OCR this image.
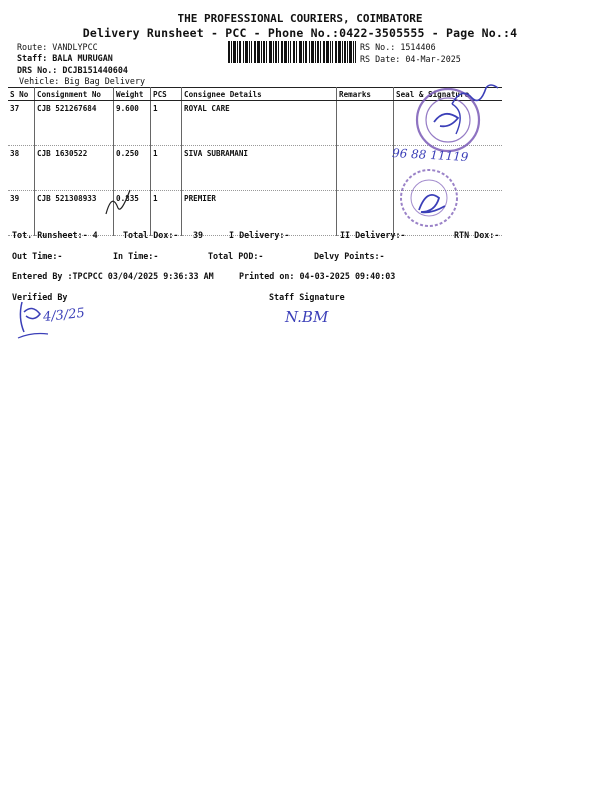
THE PROFESSIONAL COURIERS, COIMBATORE
Delivery Runsheet - PCC - Phone No.:0422-3505555 - Page No.:4
Route: VANDLYPCC
Staff: BALA MURUGAN
DRS No.: DCJB151440604
Vehicle: Big Bag Delivery
RS No.: 1514406
RS Date: 04-Mar-2025
S No	Consignment No	Weight	PCS	Consignee Details	Remarks	Seal & Signature
37	CJB 521267684	9.600	1	ROYAL CARE		
38	CJB 1630522	0.250	1	SIVA SUBRAMANI		
39	CJB 521308933	0.835	1	PREMIER		
96 88 11119
Tot. Runsheet:- 4	Total Dox:- 39	I Delivery:-	II Delivery:-	RTN Dox:-
Out Time:-	In Time:-	Total POD:-	Delvy Points:-
Entered By :TPCPCC 03/04/2025 9:36:33 AM	Printed on: 04-03-2025 09:40:03
Verified By	Staff Signature
4/3/25	N.BM
